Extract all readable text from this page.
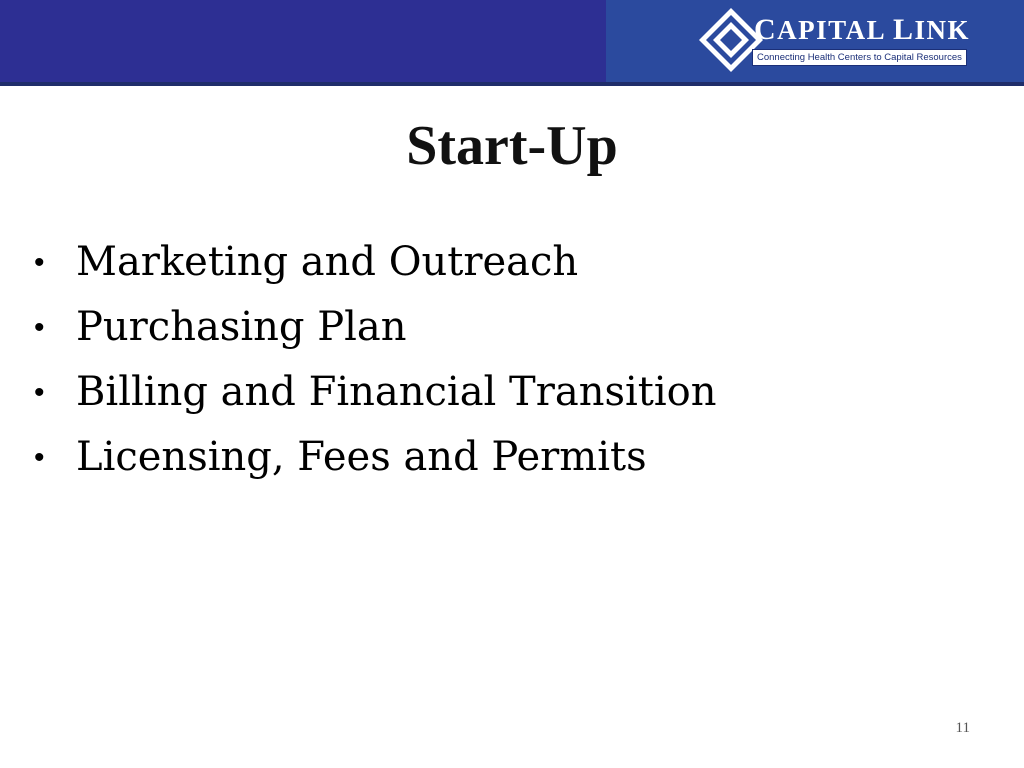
CAPITAL LINK
Connecting Health Centers to Capital Resources
Start-Up
• Marketing and Outreach
• Purchasing Plan
• Billing and Financial Transition
• Licensing, Fees and Permits
11
